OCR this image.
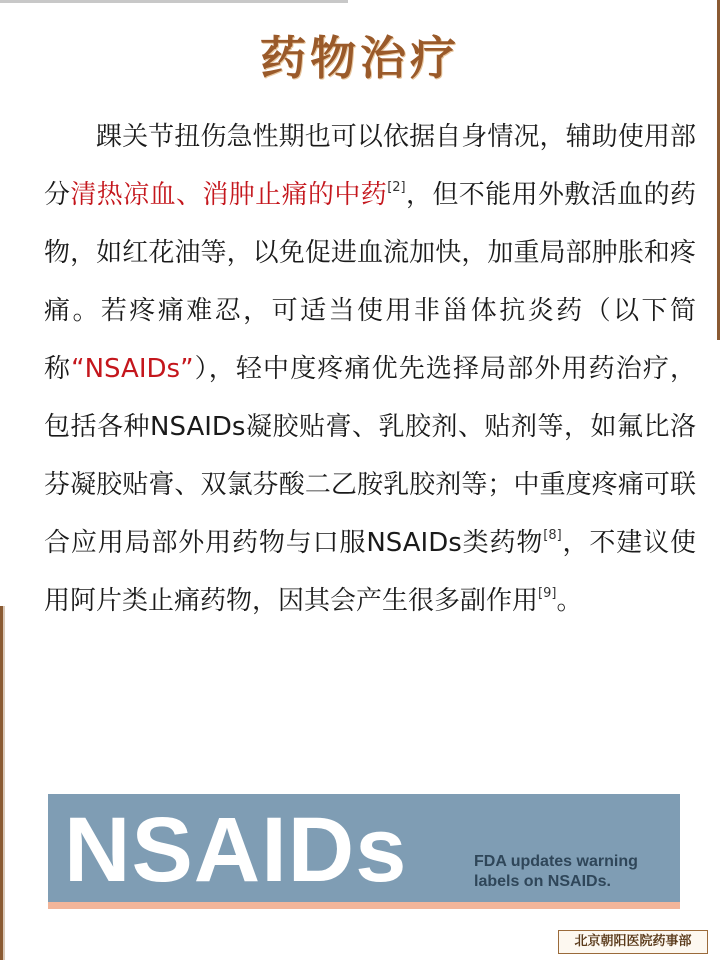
药物治疗

踝关节扭伤急性期也可以依据自身情况，辅助使用部分清热凉血、消肿止痛的中药[2]，但不能用外敷活血的药物，如红花油等，以免促进血流加快，加重局部肿胀和疼痛。若疼痛难忍，可适当使用非甾体抗炎药（以下简称“NSAIDs”），轻中度疼痛优先选择局部外用药治疗，包括各种NSAIDs凝胶贴膏、乳胶剂、贴剂等，如氟比洛芬凝胶贴膏、双氯芬酸二乙胺乳胶剂等；中重度疼痛可联合应用局部外用药物与口服NSAIDs类药物[8]，不建议使用阿片类止痛药物，因其会产生很多副作用[9]。

NSAIDs	FDA updates warning labels on NSAIDs.
北京朝阳医院药事部
